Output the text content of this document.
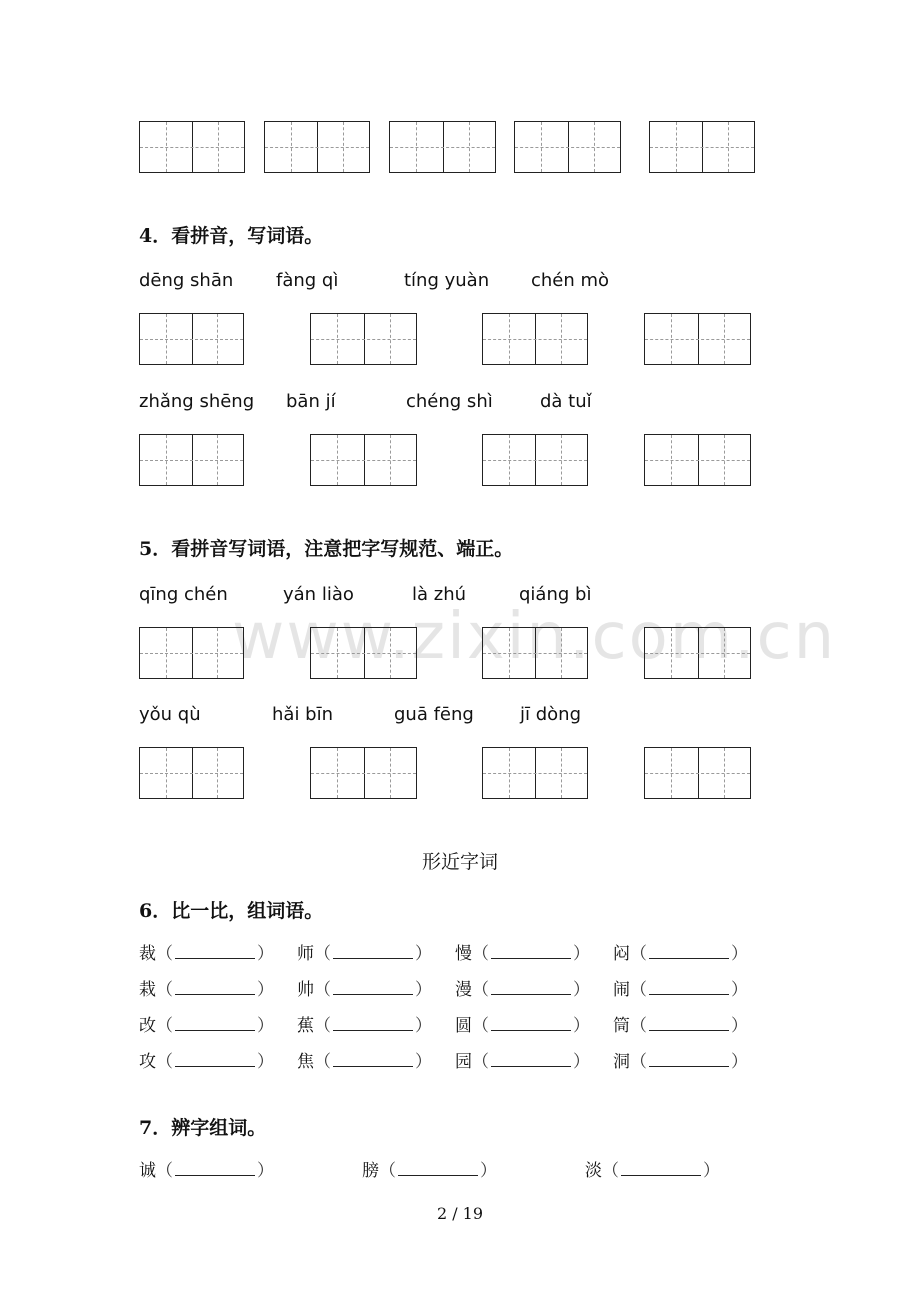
www.zixin.com.cn
4．看拼音，写词语。
dēng shān fàng qì	tíng yuàn chén mò
zhǎng shēng bān jí	chéng shì	dà tuǐ
5．看拼音写词语，注意把字写规范、端正。
qīng chén	yán liào	là zhú	qiáng bì
yǒu qù	hǎi bīn	guā fēng	jī dòng
形近字词
6．比一比，组词语。
裁 （	） 师 （	） 慢 （	） 闷 （	）
栽 （	） 帅 （	） 漫 （	） 闹 （	）
改 （	） 蕉 （	） 圆 （	） 筒 （	）
攻 （	） 焦 （	） 园 （	） 洞 （	）
7．辨字组词。
诚 （	）	膀 （	）	淡 （	）
2 / 19
